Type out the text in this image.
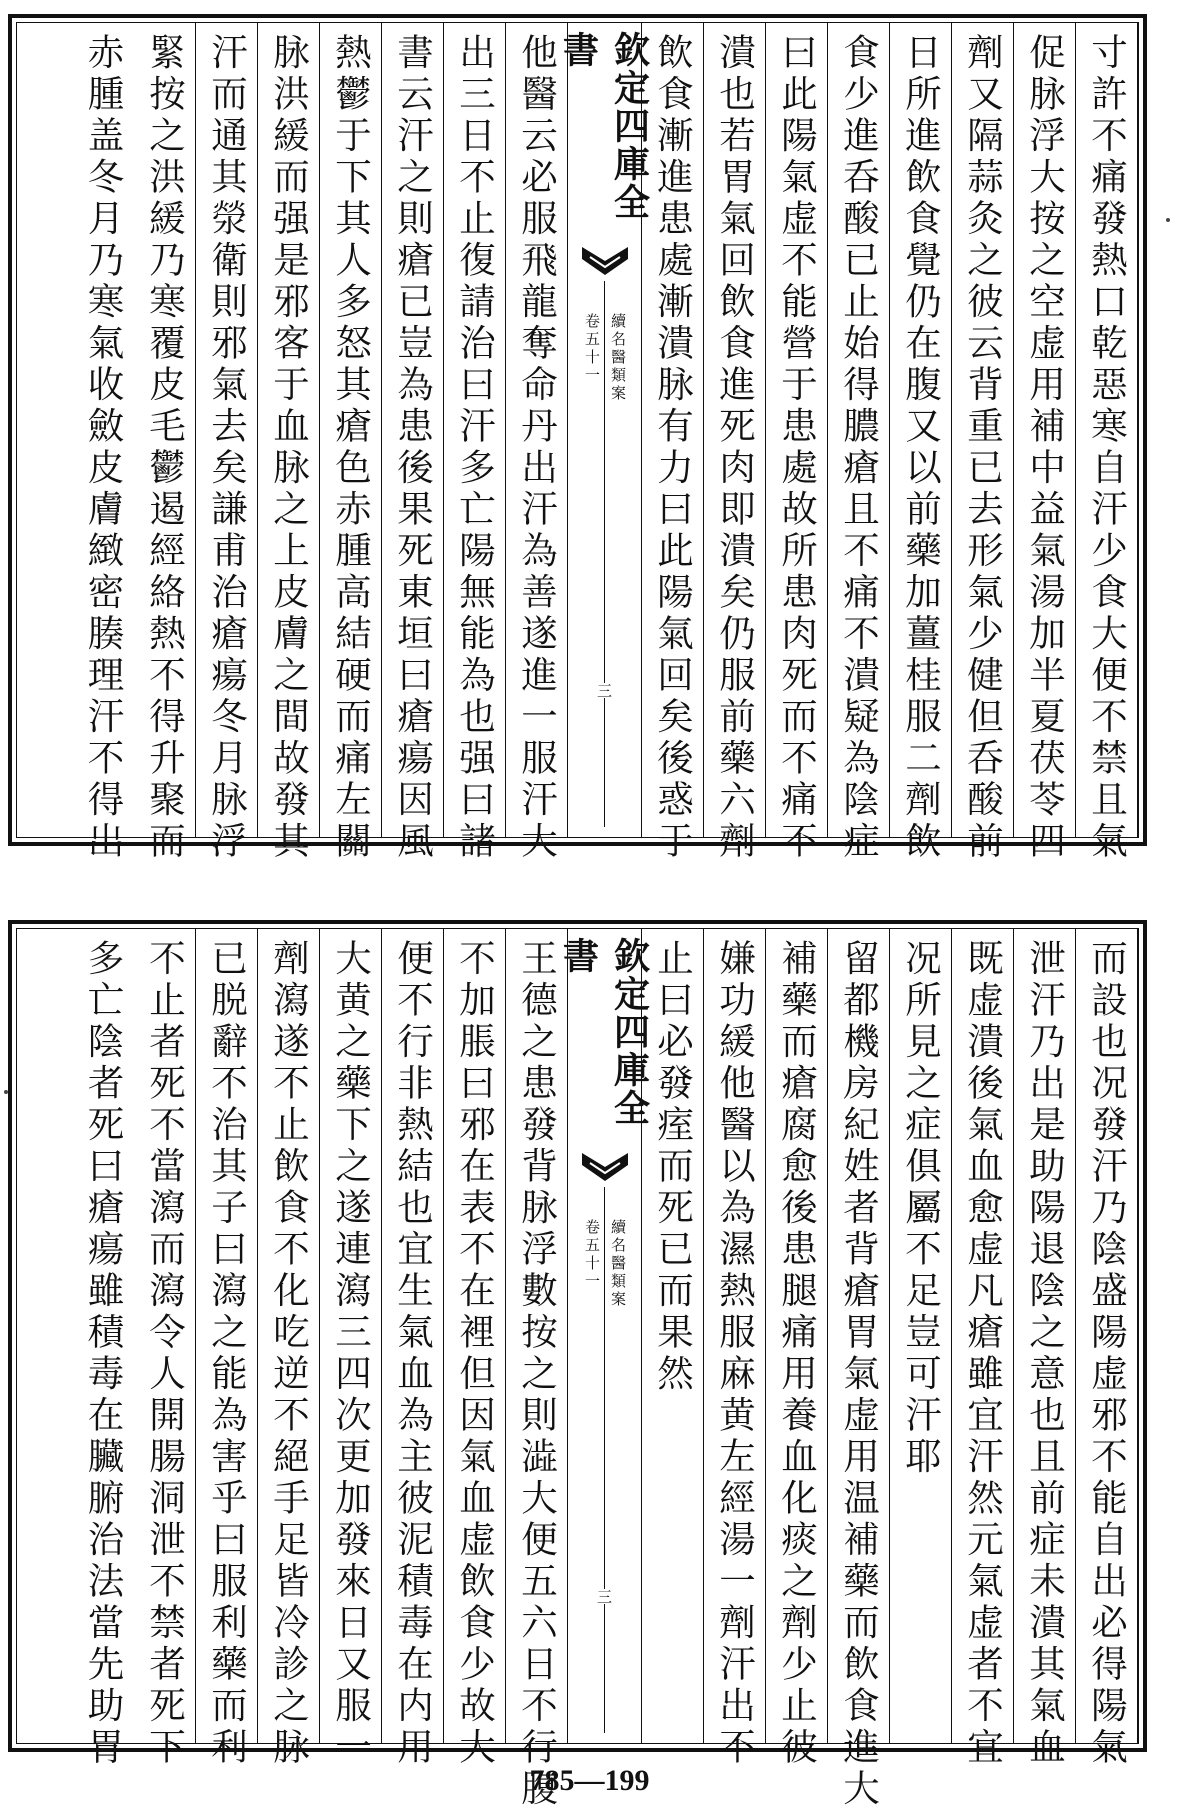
寸許不痛發熱口乾惡寒自汗少食大便不禁且氣
促脉浮大按之空虚用補中益氣湯加半夏茯苓四
劑又隔蒜灸之彼云背重已去形氣少健但呑酸前
日所進飲食覺仍在腹又以前藥加薑桂服二劑飲
食少進呑酸已止始得膿瘡且不痛不潰疑為陰症
曰此陽氣虚不能營于患處故所患肉死而不痛不
潰也若胃氣回飲食進死肉即潰矣仍服前藥六劑
飲食漸進患處漸潰脉有力曰此陽氣回矣後惑于
欽定四庫全書
續名醫類案
卷五十一
三
他醫云必服飛龍奪命丹出汗為善遂進一服汗大
出三日不止復請治曰汗多亡陽無能為也强曰諸
書云汗之則瘡已豈為患後果死東垣曰瘡瘍因風
熱鬱于下其人多怒其瘡色赤腫高結硬而痛左關
脉洪緩而强是邪客于血脉之上皮膚之間故發其
汗而通其滎衛則邪氣去矣謙甫治瘡瘍冬月脉浮
緊按之洪緩乃寒覆皮毛鬱遏經絡熱不得升聚而
赤腫盖冬月乃寒氣收斂皮膚緻密腠理汗不得出
而設也况發汗乃陰盛陽虚邪不能自出必得陽氣
泄汗乃出是助陽退陰之意也且前症未潰其氣血
既虚潰後氣血愈虚凡瘡雖宜汗然元氣虚者不宜
况所見之症俱屬不足豈可汗耶
留都機房紀姓者背瘡胃氣虚用温補藥而飲食進大
補藥而瘡腐愈後患腿痛用養血化痰之劑少止彼
嫌功緩他醫以為濕熱服麻黄左經湯一劑汗出不
止曰必發痓而死已而果然
欽定四庫全書
續名醫類案
卷五十一
三
王德之患發背脉浮數按之則澁大便五六日不行腹
不加脹曰邪在表不在裡但因氣血虚飲食少故大
便不行非熱結也宜生氣血為主彼泥積毒在内用
大黄之藥下之遂連瀉三四次更加發來日又服一
劑瀉遂不止飲食不化吃逆不絕手足皆冷診之脉
已脱辭不治其子曰瀉之能為害乎曰服利藥而利
不止者死不當瀉而瀉令人開腸洞泄不禁者死下
多亡陰者死曰瘡瘍雖積毒在臟腑治法當先助胃
785—199
